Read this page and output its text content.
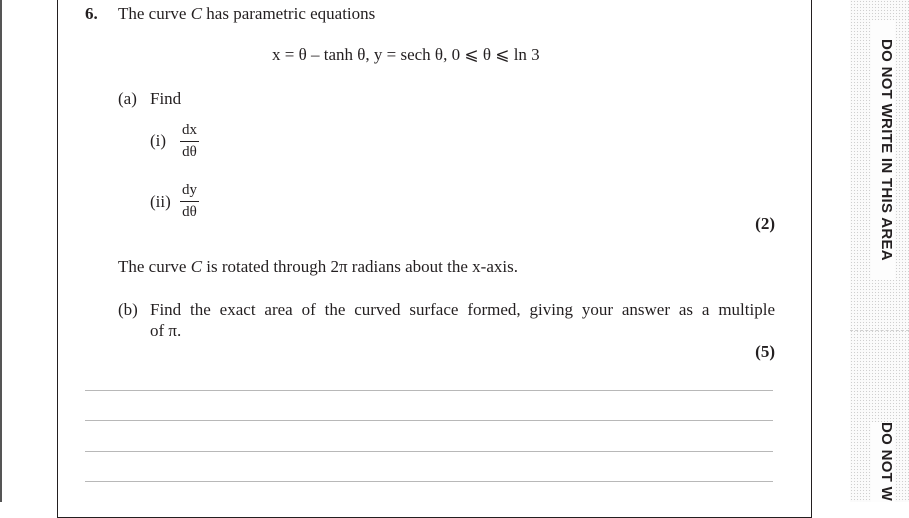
6. The curve C has parametric equations
x = θ – tanh θ, y = sech θ, 0 ⩽ θ ⩽ ln 3
(a) Find
(i)
dx
dθ
(ii)
dy
dθ
(2)
The curve C is rotated through 2π radians about the x-axis.
(b) Find the exact area of the curved surface formed, giving your answer as a multiple
of π.
(5)
DO NOT WRITE IN THIS AREA
DO NOT W
